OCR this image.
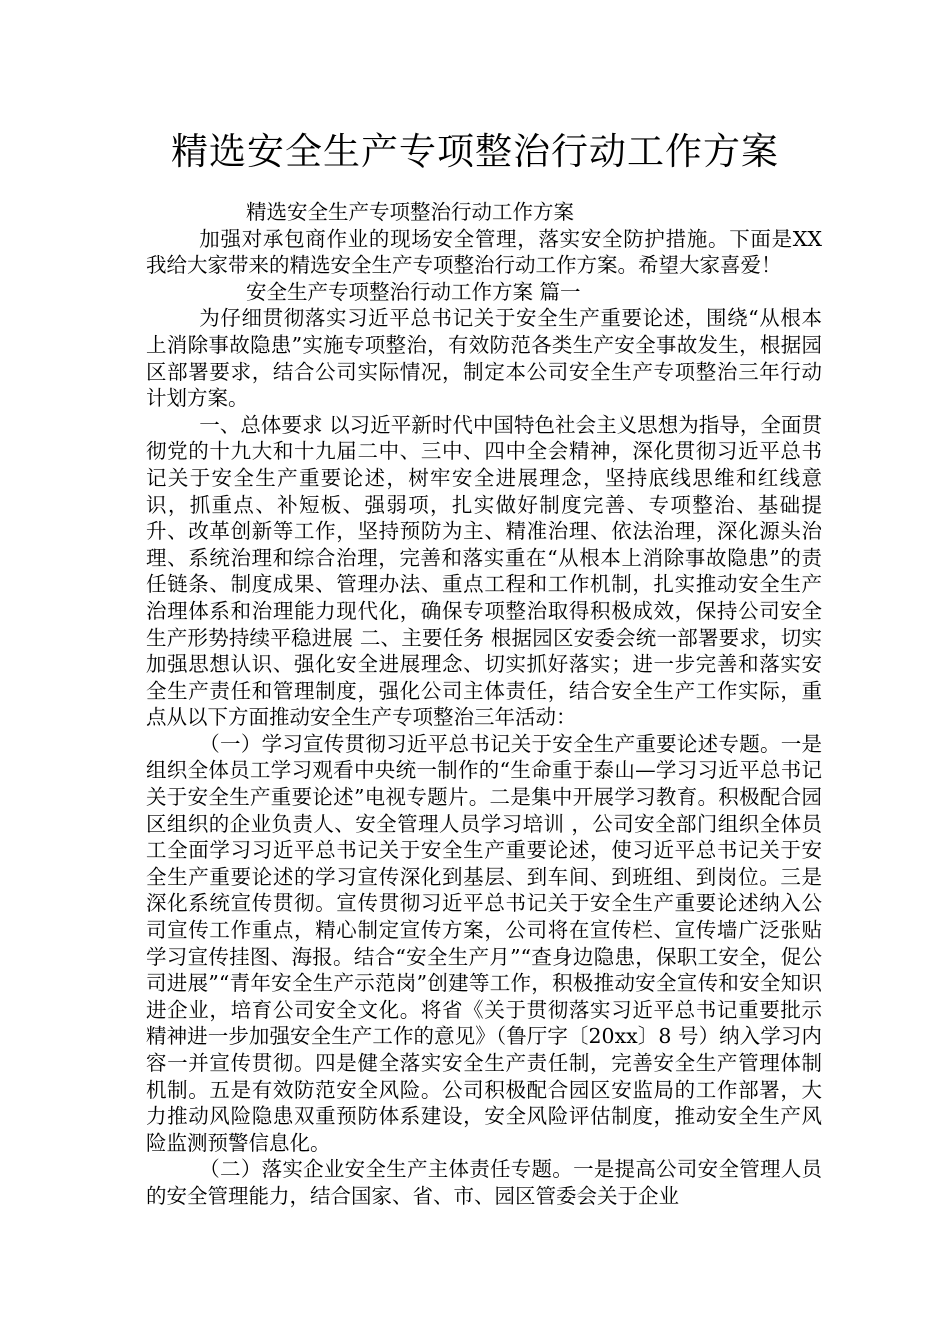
精选安全生产专项整治行动工作方案

精选安全生产专项整治行动工作方案

加强对承包商作业的现场安全管理，落实安全防护措施。下面是XX我给大家带来的精选安全生产专项整治行动工作方案。希望大家喜爱！

安全生产专项整治行动工作方案 篇一

为仔细贯彻落实习近平总书记关于安全生产重要论述，围绕“从根本上消除事故隐患”实施专项整治，有效防范各类生产安全事故发生，根据园区部署要求，结合公司实际情况，制定本公司安全生产专项整治三年行动计划方案。

一、总体要求 以习近平新时代中国特色社会主义思想为指导，全面贯彻党的十九大和十九届二中、三中、四中全会精神，深化贯彻习近平总书记关于安全生产重要论述，树牢安全进展理念，坚持底线思维和红线意识，抓重点、补短板、强弱项，扎实做好制度完善、专项整治、基础提升、改革创新等工作，坚持预防为主、精准治理、依法治理，深化源头治理、系统治理和综合治理，完善和落实重在“从根本上消除事故隐患”的责任链条、制度成果、管理办法、重点工程和工作机制，扎实推动安全生产治理体系和治理能力现代化，确保专项整治取得积极成效，保持公司安全生产形势持续平稳进展 二、主要任务 根据园区安委会统一部署要求，切实加强思想认识、强化安全进展理念、切实抓好落实；进一步完善和落实安全生产责任和管理制度，强化公司主体责任，结合安全生产工作实际，重点从以下方面推动安全生产专项整治三年活动：

（一）学习宣传贯彻习近平总书记关于安全生产重要论述专题。一是组织全体员工学习观看中央统一制作的“生命重于泰山—学习习近平总书记关于安全生产重要论述”电视专题片。二是集中开展学习教育。积极配合园区组织的企业负责人、安全管理人员学习培训 ，公司安全部门组织全体员工全面学习习近平总书记关于安全生产重要论述，使习近平总书记关于安全生产重要论述的学习宣传深化到基层、到车间、到班组、到岗位。三是深化系统宣传贯彻。宣传贯彻习近平总书记关于安全生产重要论述纳入公司宣传工作重点，精心制定宣传方案，公司将在宣传栏、宣传墙广泛张贴学习宣传挂图、海报。结合“安全生产月”“查身边隐患，保职工安全，促公司进展”“青年安全生产示范岗”创建等工作，积极推动安全宣传和安全知识进企业，培育公司安全文化。将省《关于贯彻落实习近平总书记重要批示精神进一步加强安全生产工作的意见》（鲁厅字〔20xx〕8 号）纳入学习内容一并宣传贯彻。四是健全落实安全生产责任制，完善安全生产管理体制机制。五是有效防范安全风险。公司积极配合园区安监局的工作部署，大力推动风险隐患双重预防体系建设，安全风险评估制度，推动安全生产风险监测预警信息化。

（二）落实企业安全生产主体责任专题。一是提高公司安全管理人员的安全管理能力，结合国家、省、市、园区管委会关于企业
